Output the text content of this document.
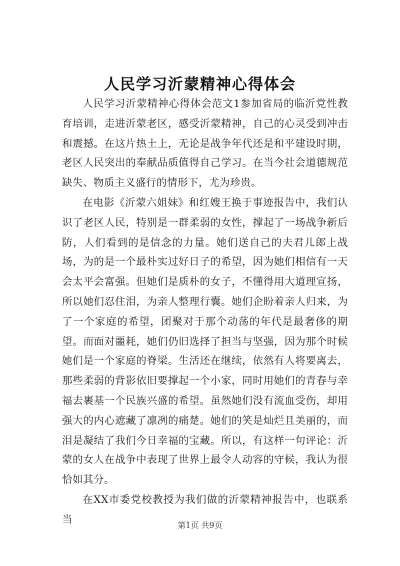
人民学习沂蒙精神心得体会

人民学习沂蒙精神心得体会范文1参加省局的临沂党性教育培训，走进沂蒙老区，感受沂蒙精神，自己的心灵受到冲击和震撼。在这片热土上，无论是战争年代还是和平建设时期，老区人民突出的奉献品质值得自己学习。在当今社会道德规范缺失、物质主义盛行的情形下，尤为珍贵。

在电影《沂蒙六姐妹》和红嫂王换于事迹报告中，我们认识了老区人民，特别是一群柔弱的女性，撑起了一场战争新后防，人们看到的是信念的力量。她们送自己的夫君儿郎上战场，为的是一个最朴实过好日子的希望，因为她们相信有一天会太平会富强。但她们是质朴的女子，不懂得用大道理宣扬，所以她们忍住泪，为亲人整理行囊。她们企盼着亲人归来，为了一个家庭的希望，团聚对于那个动荡的年代是最奢侈的期望。而面对噩耗，她们仍旧选择了担当与坚强，因为那个时候她们是一个家庭的脊梁。生活还在继续，依然有人将要离去，那些柔弱的背影依旧要撑起一个小家，同时用她们的青春与幸福去裹基一个民族兴盛的希望。虽然她们没有流血受伤，却用强大的内心遮藏了凛冽的痛楚。她们的笑是灿烂且美丽的，而泪是凝结了我们今日幸福的宝藏。所以，有这样一句评论：沂蒙的女人在战争中表现了世界上最令人动容的守候，我认为很恰如其分。

在XX市委党校教授为我们做的沂蒙精神报告中，也联系当	第1页 共9页
